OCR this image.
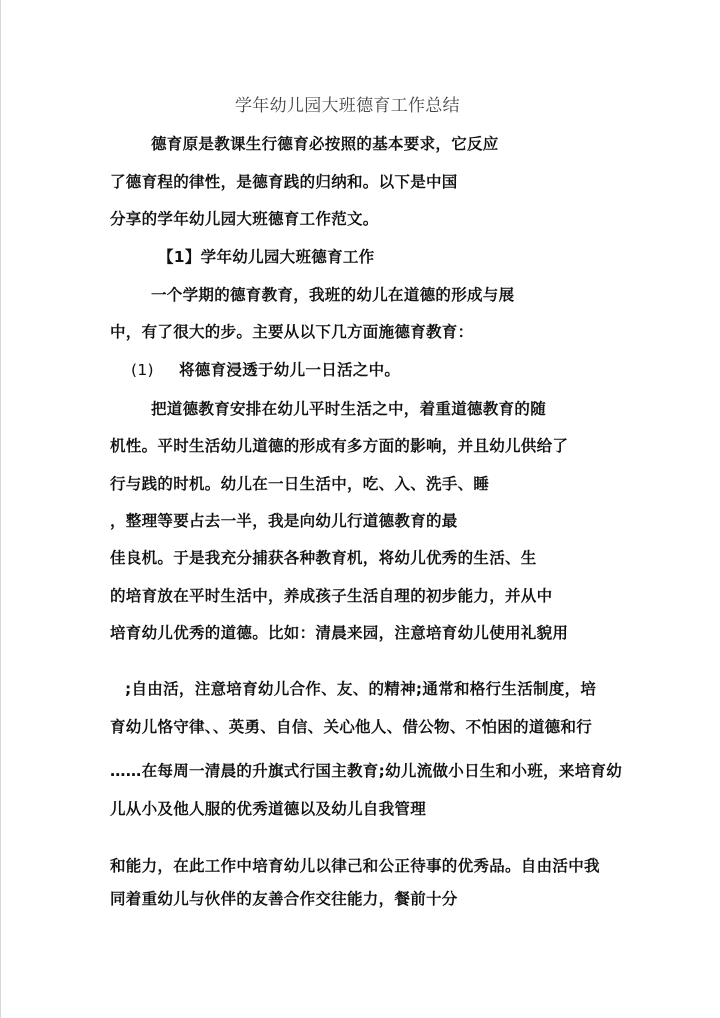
学年幼儿园大班德育工作总结
德育原是教课生行德育必按照的基本要求，它反应
了德育程的律性，是德育践的归纳和。以下是中国
分享的学年幼儿园大班德育工作范文。
【1】学年幼儿园大班德育工作
一个学期的德育教育，我班的幼儿在道德的形成与展
中，有了很大的步。主要从以下几方面施德育教育：
(1) 将德育浸透于幼儿一日活之中。
把道德教育安排在幼儿平时生活之中，着重道德教育的随
机性。平时生活幼儿道德的形成有多方面的影响，并且幼儿供给了
行与践的时机。幼儿在一日生活中，吃、入、洗手、睡
，整理等要占去一半，我是向幼儿行道德教育的最
佳良机。于是我充分捕获各种教育机，将幼儿优秀的生活、生
的培育放在平时生活中，养成孩子生活自理的初步能力，并从中
培育幼儿优秀的道德。比如：清晨来园，注意培育幼儿使用礼貌用
;自由活，注意培育幼儿合作、友、的精神;通常和格行生活制度，培
育幼儿恪守律、、英勇、自信、关心他人、借公物、不怕困的道德和行
……在每周一清晨的升旗式行国主教育;幼儿流做小日生和小班，来培育幼
儿从小及他人服的优秀道德以及幼儿自我管理
和能力，在此工作中培育幼儿以律己和公正待事的优秀品。自由活中我
同着重幼儿与伙伴的友善合作交往能力，餐前十分
